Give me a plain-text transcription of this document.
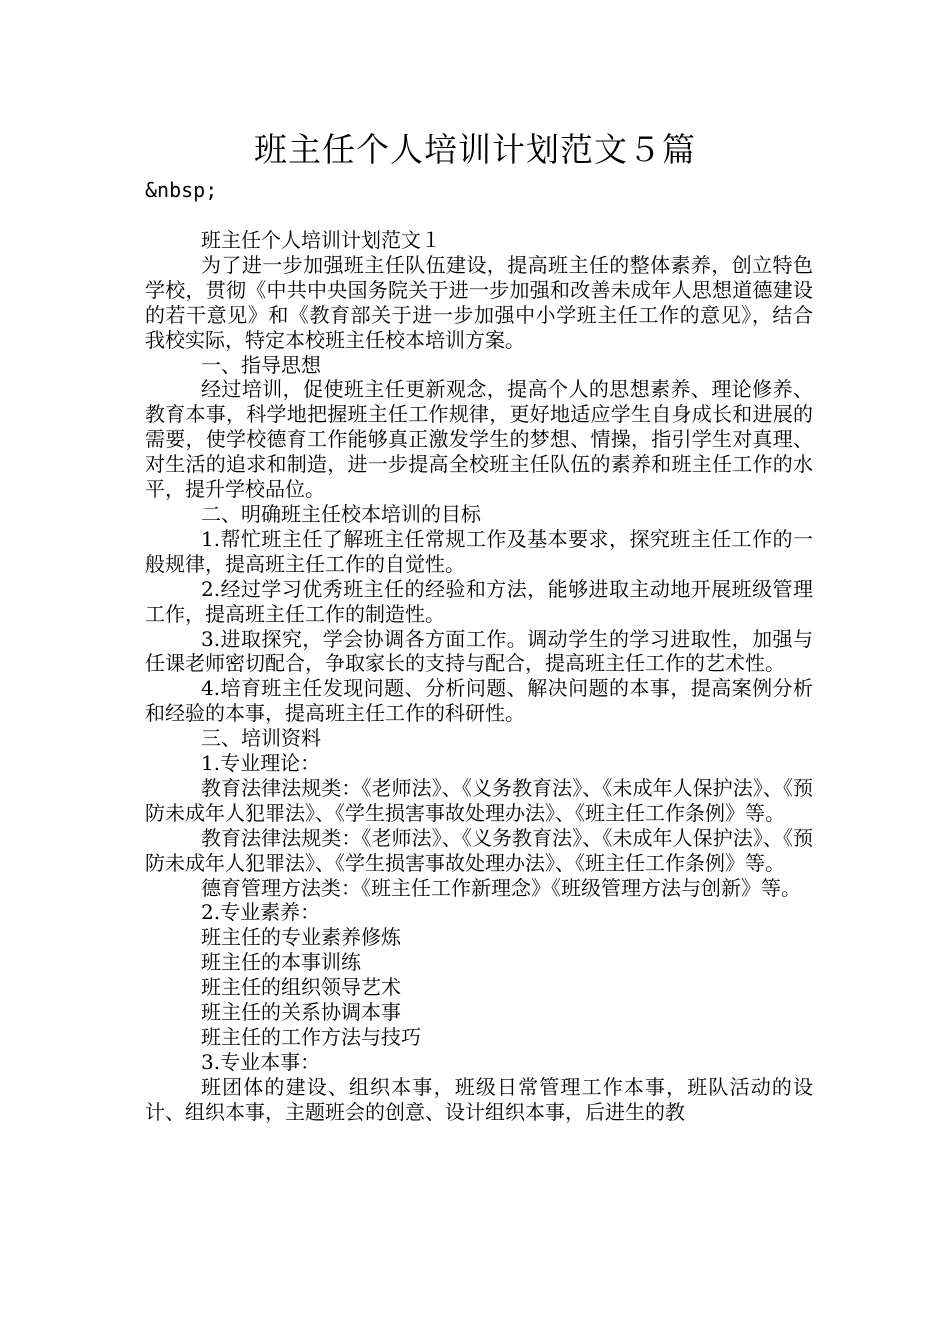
班主任个人培训计划范文５篇
&nbsp;

班主任个人培训计划范文１

为了进一步加强班主任队伍建设，提高班主任的整体素养，创立特色学校，贯彻《中共中央国务院关于进一步加强和改善未成年人思想道德建设的若干意见》和《教育部关于进一步加强中小学班主任工作的意见》，结合我校实际，特定本校班主任校本培训方案。

一、指导思想

经过培训，促使班主任更新观念，提高个人的思想素养、理论修养、教育本事，科学地把握班主任工作规律，更好地适应学生自身成长和进展的需要，使学校德育工作能够真正激发学生的梦想、情操，指引学生对真理、对生活的追求和制造，进一步提高全校班主任队伍的素养和班主任工作的水平，提升学校品位。

二、明确班主任校本培训的目标

1.帮忙班主任了解班主任常规工作及基本要求，探究班主任工作的一般规律，提高班主任工作的自觉性。

2.经过学习优秀班主任的经验和方法，能够进取主动地开展班级管理工作，提高班主任工作的制造性。

3.进取探究，学会协调各方面工作。调动学生的学习进取性，加强与任课老师密切配合，争取家长的支持与配合，提高班主任工作的艺术性。

4.培育班主任发现问题、分析问题、解决问题的本事，提高案例分析和经验的本事，提高班主任工作的科研性。

三、培训资料

1.专业理论：

教育法律法规类：《老师法》、《义务教育法》、《未成年人保护法》、《预防未成年人犯罪法》、《学生损害事故处理办法》、《班主任工作条例》等。

教育法律法规类：《老师法》、《义务教育法》、《未成年人保护法》、《预防未成年人犯罪法》、《学生损害事故处理办法》、《班主任工作条例》等。

德育管理方法类：《班主任工作新理念》《班级管理方法与创新》等。

2.专业素养：

班主任的专业素养修炼

班主任的本事训练

班主任的组织领导艺术

班主任的关系协调本事

班主任的工作方法与技巧

3.专业本事：

班团体的建设、组织本事，班级日常管理工作本事，班队活动的设计、组织本事，主题班会的创意、设计组织本事，后进生的教
